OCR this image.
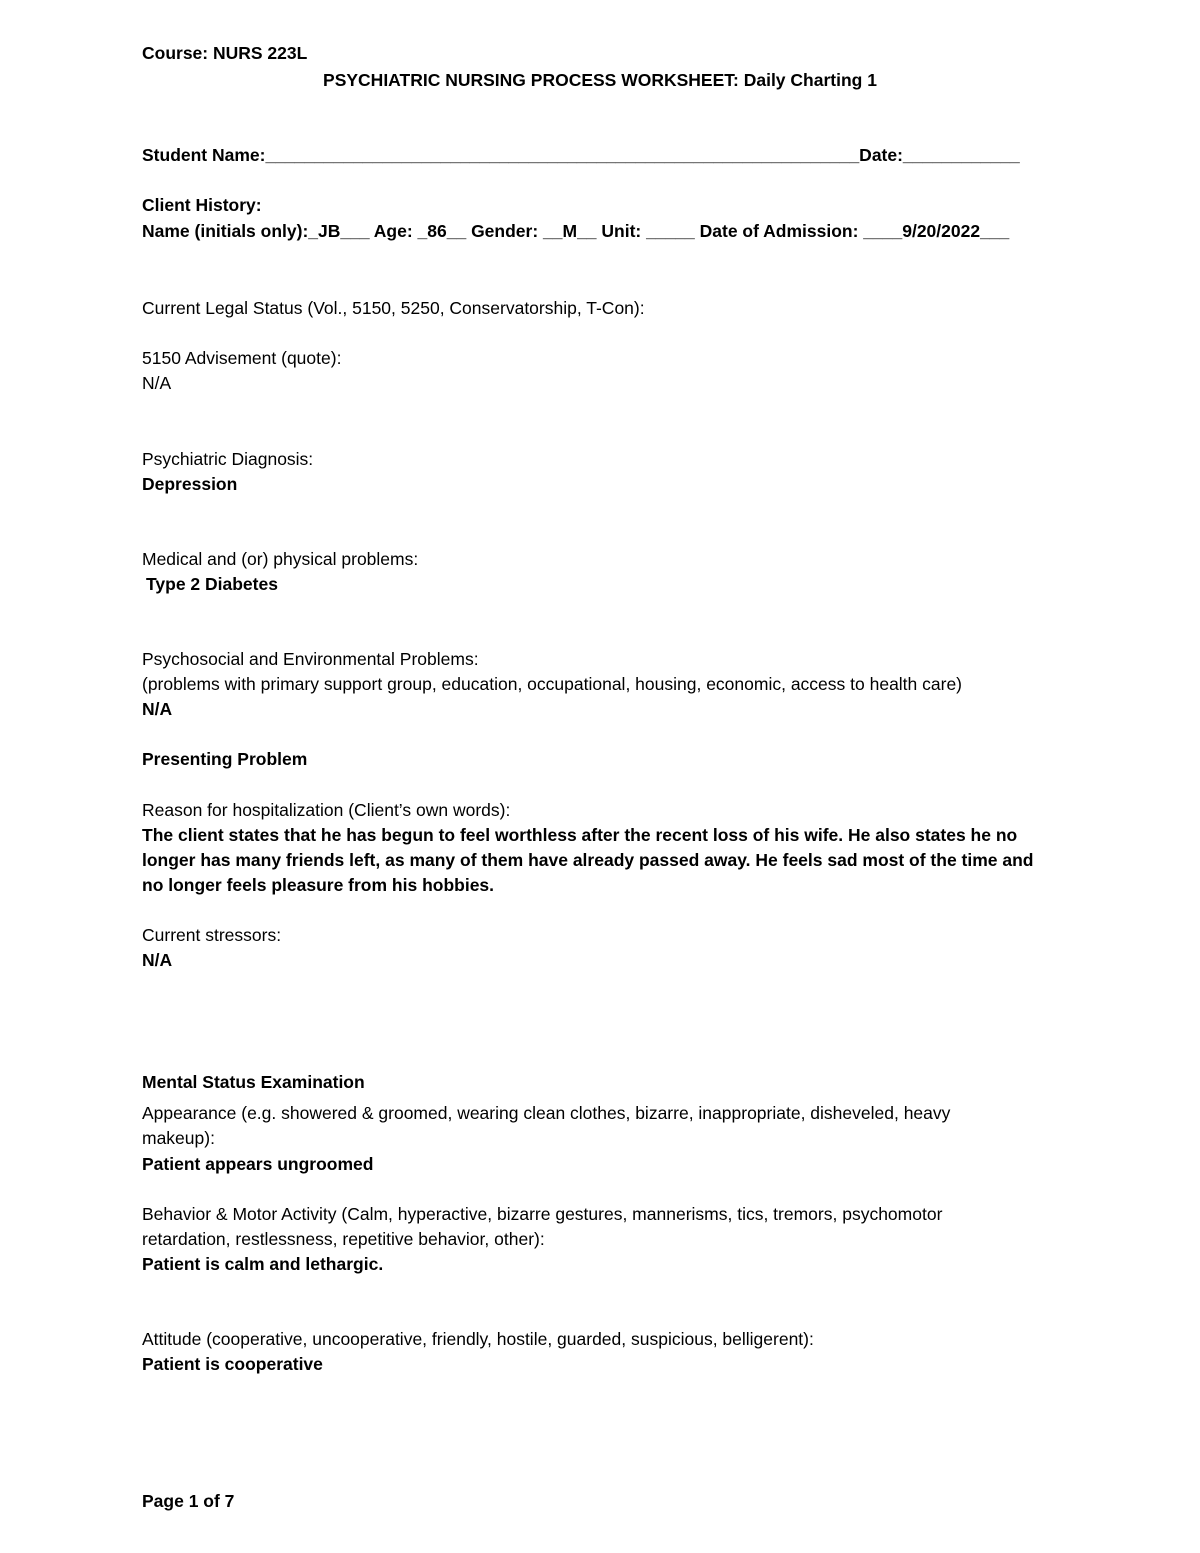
Course: NURS 223L
PSYCHIATRIC NURSING PROCESS WORKSHEET: Daily Charting 1
Student Name:_____________________________________________________________Date:____________
Client History:
Name (initials only):_JB___ Age: _86__ Gender: __M__ Unit: _____ Date of Admission: ____9/20/2022___
Current Legal Status (Vol., 5150, 5250, Conservatorship, T-Con):
5150 Advisement (quote):
N/A
Psychiatric Diagnosis:
Depression
Medical and (or) physical problems:
Type 2 Diabetes
Psychosocial and Environmental Problems:
(problems with primary support group, education, occupational, housing, economic, access to health care)
N/A
Presenting Problem
Reason for hospitalization (Client’s own words):
The client states that he has begun to feel worthless after the recent loss of his wife. He also states he no
longer has many friends left, as many of them have already passed away. He feels sad most of the time and
no longer feels pleasure from his hobbies.
Current stressors:
N/A
Mental Status Examination
Appearance (e.g. showered & groomed, wearing clean clothes, bizarre, inappropriate, disheveled, heavy
makeup):
Patient appears ungroomed
Behavior & Motor Activity (Calm, hyperactive, bizarre gestures, mannerisms, tics, tremors, psychomotor
retardation, restlessness, repetitive behavior, other):
Patient is calm and lethargic.
Attitude (cooperative, uncooperative, friendly, hostile, guarded, suspicious, belligerent):
Patient is cooperative
Page 1 of 7
